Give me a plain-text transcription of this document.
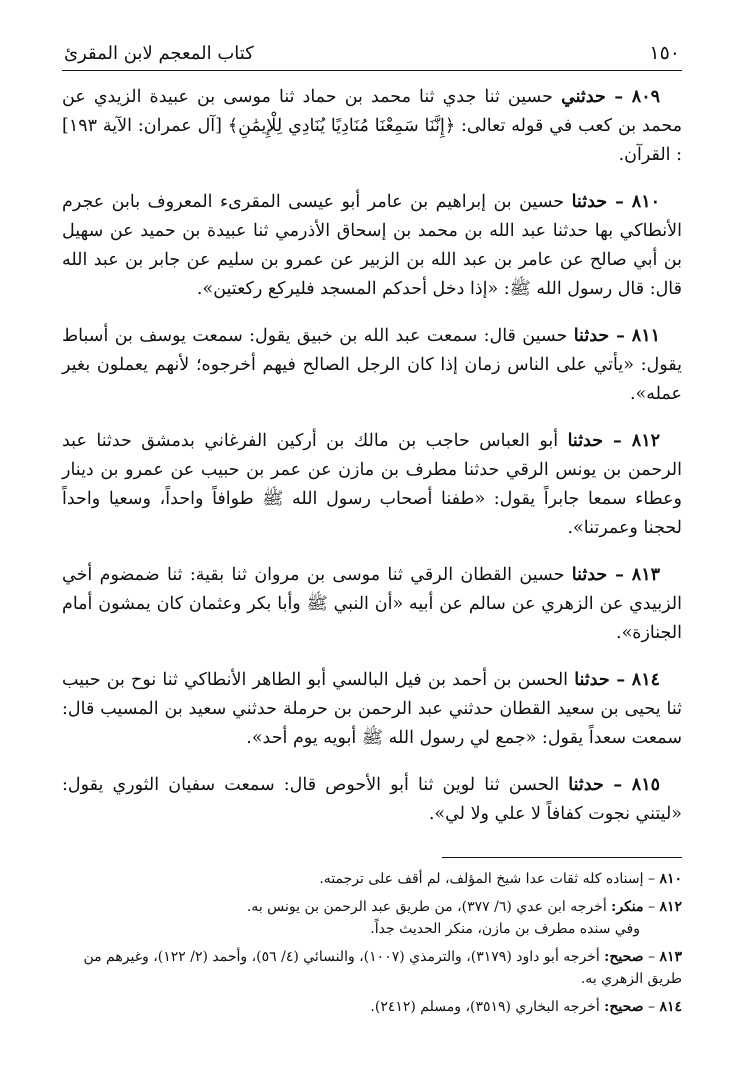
١٥٠
كتاب المعجم لابن المقرئ

٨٠٩ – حدثني حسين ثنا جدي ثنا محمد بن حماد ثنا موسى بن عبيدة الزيدي عن محمد بن كعب في قوله تعالى: ﴿إِنَّنَا سَمِعْنَا مُنَادِيًا يُنَادِي لِلْإِيمَٰنِ﴾ [آل عمران: الآية ١٩٣] : القرآن.

٨١٠ – حدثنا حسين بن إبراهيم بن عامر أبو عيسى المقرىء المعروف بابن عجرم الأنطاكي بها حدثنا عبد الله بن محمد بن إسحاق الأذرمي ثنا عبيدة بن حميد عن سهيل بن أبي صالح عن عامر بن عبد الله بن الزبير عن عمرو بن سليم عن جابر بن عبد الله قال: قال رسول الله ﷺ: «إذا دخل أحدكم المسجد فليركع ركعتين».

٨١١ – حدثنا حسين قال: سمعت عبد الله بن خبيق يقول: سمعت يوسف بن أسباط يقول: «يأتي على الناس زمان إذا كان الرجل الصالح فيهم أخرجوه؛ لأنهم يعملون بغير عمله».

٨١٢ – حدثنا أبو العباس حاجب بن مالك بن أركين الفرغاني بدمشق حدثنا عبد الرحمن بن يونس الرقي حدثنا مطرف بن مازن عن عمر بن حبيب عن عمرو بن دينار وعطاء سمعا جابراً يقول: «طفنا أصحاب رسول الله ﷺ طوافاً واحداً، وسعيا واحداً لحجنا وعمرتنا».

٨١٣ – حدثنا حسين القطان الرقي ثنا موسى بن مروان ثنا بقية: ثنا ضمضوم أخي الزبيدي عن الزهري عن سالم عن أبيه «أن النبي ﷺ وأبا بكر وعثمان كان يمشون أمام الجنازة».

٨١٤ – حدثنا الحسن بن أحمد بن فيل البالسي أبو الطاهر الأنطاكي ثنا نوح بن حبيب ثنا يحيى بن سعيد القطان حدثني عبد الرحمن بن حرملة حدثني سعيد بن المسيب قال: سمعت سعداً يقول: «جمع لي رسول الله ﷺ أبويه يوم أحد».

٨١٥ – حدثنا الحسن ثنا لوين ثنا أبو الأحوص قال: سمعت سفيان الثوري يقول: «ليتني نجوت كفافاً لا علي ولا لي».

٨١٠ – إسناده كله ثقات عدا شيخ المؤلف، لم أقف على ترجمته.

٨١٢ – منكر: أخرجه ابن عدي (٦/ ٣٧٧)، من طريق عبد الرحمن بن يونس به.
وفي سنده مطرف بن مازن، منكر الحديث جداً.

٨١٣ – صحيح: أخرجه أبو داود (٣١٧٩)، والترمذي (١٠٠٧)، والنسائي (٤/ ٥٦)، وأحمد (٢/ ١٢٢)، وغيرهم من طريق الزهري به.

٨١٤ – صحيح: أخرجه البخاري (٣٥١٩)، ومسلم (٢٤١٢).
